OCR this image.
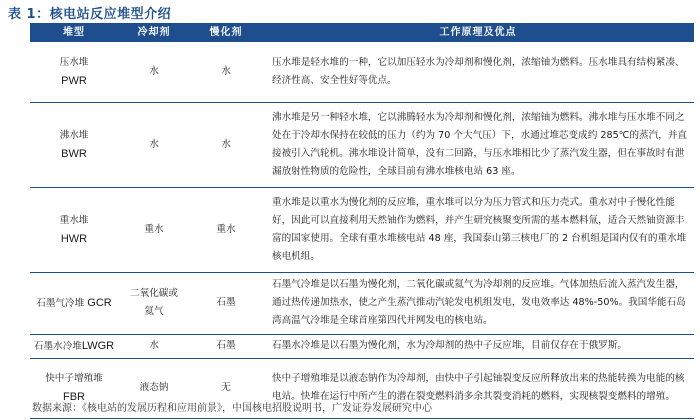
表 1：核电站反应堆型介绍
堆型	冷却剂	慢化剂	工作原理及优点

压水堆
PWR	水	水	压水堆是轻水堆的一种，它以加压轻水为冷却剂和慢化剂，浓缩铀为燃料。压水堆具有结构紧凑、经济性高、安全性好等优点。

沸水堆
BWR	水	水	沸水堆是另一种轻水堆，它以沸腾轻水为冷却剂和慢化剂，浓缩铀为燃料。沸水堆与压水堆不同之处在于冷却水保持在较低的压力（约为 70 个大气压）下，水通过堆芯变成约 285℃的蒸汽，并直接被引入汽轮机。沸水堆设计简单，没有二回路，与压水堆相比少了蒸汽发生器，但在事故时有泄漏放射性物质的危险性，全球目前有沸水堆核电站 63 座。

重水堆
HWR	重水	重水	重水堆是以重水为慢化剂的反应堆，重水堆可以分为压力管式和压力壳式。重水对中子慢化性能好，因此可以直接利用天然铀作为燃料，并产生研究核聚变所需的基本燃料氚，适合天然铀资源丰富的国家使用。全球有重水堆核电站 48 座，我国泰山第三核电厂的 2 台机组是国内仅有的重水堆核电机组。
石墨气冷堆 GCR	二氧化碳或氦气	石墨	石墨气冷堆是以石墨为慢化剂，二氧化碳或氦气为冷却剂的反应堆。气体加热后流入蒸汽发生器，通过热传递加热水，使之产生蒸汽推动汽轮发电机组发电，发电效率达 48%-50%。我国华能石岛湾高温气冷堆是全球首座第四代并网发电的核电站。
石墨水冷堆LWGR	水	石墨	石墨水冷堆是以石墨为慢化剂，水为冷却剂的热中子反应堆，目前仅存在于俄罗斯。

快中子增殖堆
FBR	液态钠	无	快中子增殖堆是以液态钠作为冷却剂，由快中子引起铀裂变反应所释放出来的热能转换为电能的核电站。快堆在运行中所产生的潜在裂变燃料消多余其裂变消耗的燃料，实现核裂变燃料的增殖。
数据来源：《核电站的发展历程和应用前景》，中国核电招股说明书，广发证券发展研究中心
